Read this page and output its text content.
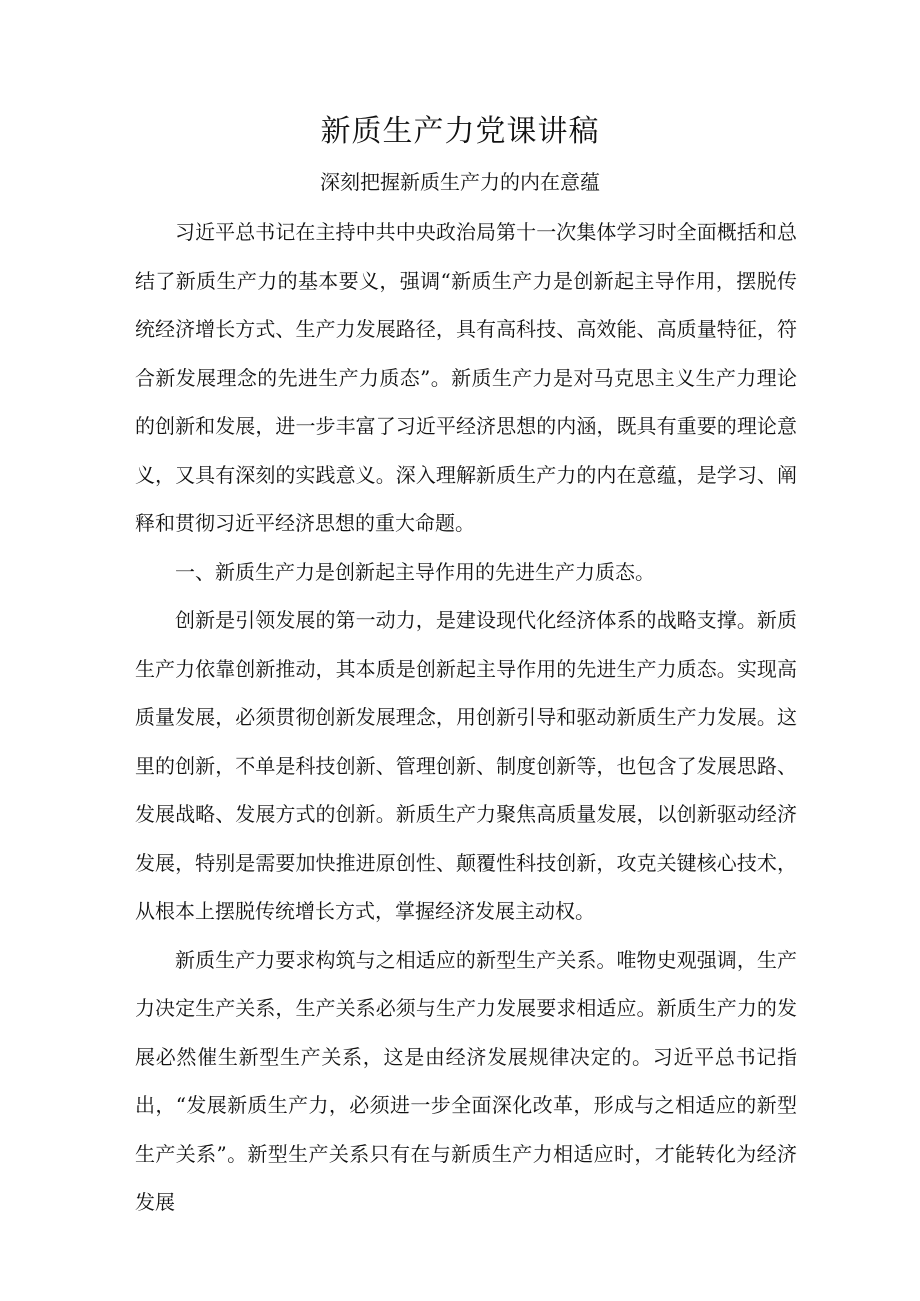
新质生产力党课讲稿
深刻把握新质生产力的内在意蕴

习近平总书记在主持中共中央政治局第十一次集体学习时全面概括和总结了新质生产力的基本要义，强调“新质生产力是创新起主导作用，摆脱传统经济增长方式、生产力发展路径，具有高科技、高效能、高质量特征，符合新发展理念的先进生产力质态”。新质生产力是对马克思主义生产力理论的创新和发展，进一步丰富了习近平经济思想的内涵，既具有重要的理论意义，又具有深刻的实践意义。深入理解新质生产力的内在意蕴，是学习、阐释和贯彻习近平经济思想的重大命题。

一、新质生产力是创新起主导作用的先进生产力质态。

创新是引领发展的第一动力，是建设现代化经济体系的战略支撑。新质生产力依靠创新推动，其本质是创新起主导作用的先进生产力质态。实现高质量发展，必须贯彻创新发展理念，用创新引导和驱动新质生产力发展。这里的创新，不单是科技创新、管理创新、制度创新等，也包含了发展思路、发展战略、发展方式的创新。新质生产力聚焦高质量发展，以创新驱动经济发展，特别是需要加快推进原创性、颠覆性科技创新，攻克关键核心技术，从根本上摆脱传统增长方式，掌握经济发展主动权。

新质生产力要求构筑与之相适应的新型生产关系。唯物史观强调，生产力决定生产关系，生产关系必须与生产力发展要求相适应。新质生产力的发展必然催生新型生产关系，这是由经济发展规律决定的。习近平总书记指出，“发展新质生产力，必须进一步全面深化改革，形成与之相适应的新型生产关系”。新型生产关系只有在与新质生产力相适应时，才能转化为经济发展
